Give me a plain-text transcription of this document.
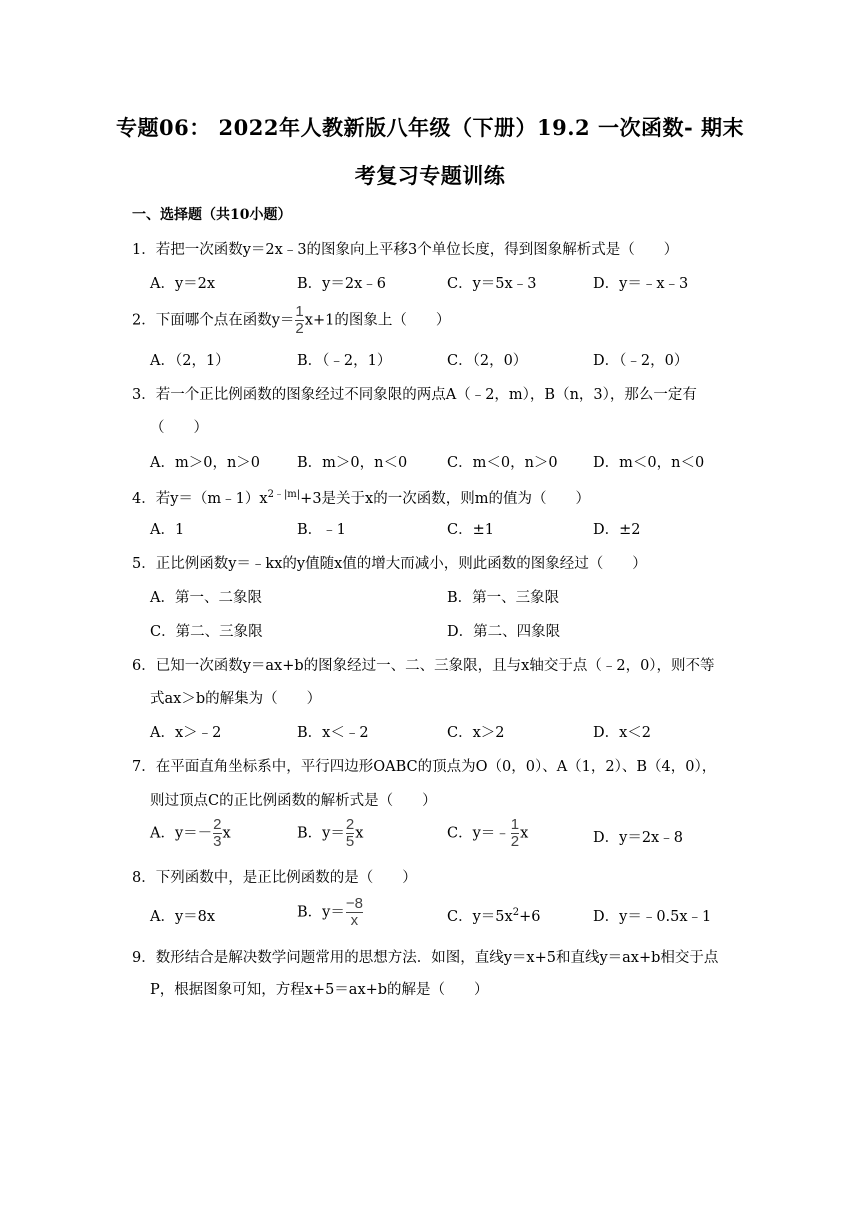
专题06： 2022年人教新版八年级（下册）19.2 一次函数- 期末
考复习专题训练
一、选择题（共10小题）
1．若把一次函数y＝2x﹣3的图象向上平移3个单位长度，得到图象解析式是（　　）
A．y＝2x	B．y＝2x﹣6	C．y＝5x﹣3	D．y＝﹣x﹣3
2．下面哪个点在函数$y= \frac{1}{2} x+1$的图象上（　　）
A．（2，1）	B．（﹣2，1）	C．（2，0）	D．（﹣2，0）
3．若一个正比例函数的图象经过不同象限的两点A（﹣2，m），B（n，3），那么一定有
（　　）
A．m＞0，n＞0	B．m＞0，n＜0	C．m＜0，n＞0 D．m＜0，n＜0
4．若$y=(m﹣1)x^{2﹣|m|}+3$是关于x的一次函数，则m的值为（　　）
A．1	B．﹣1	C．±1	D．±2
5．正比例函数y＝﹣kx的y值随x值的增大而减小，则此函数的图象经过（　　）
A．第一、二象限	B．第一、三象限
C．第二、三象限	D．第二、四象限
6．已知一次函数y＝ax+b的图象经过一、二、三象限，且与x轴交于点（﹣2，0），则不等
式ax＞b的解集为（　　）
A．x＞﹣2	B．x＜﹣2	C．x＞2	D．x＜2
7．在平面直角坐标系中，平行四边形OABC的顶点为O（0，0）、A（1，2）、B（4，0），
则过顶点C的正比例函数的解析式是（　　）
A．$y=- \frac{2}{3}$ x	B．$y= \frac{2}{5}$ x	C．y＝﹣ $\frac{1}{2}$ x	D．y＝2x﹣8
8．下列函数中，是正比例函数的是（　　）
A．y＝8x	B．$y= \frac{-8}{x}$	C．$y=5x^2+6$	D．y＝﹣0.5x﹣1
9．数形结合是解决数学问题常用的思想方法．如图，直线y＝x+5和直线y＝ax+b相交于点
P，根据图象可知，方程x+5＝ax+b的解是（　　）
